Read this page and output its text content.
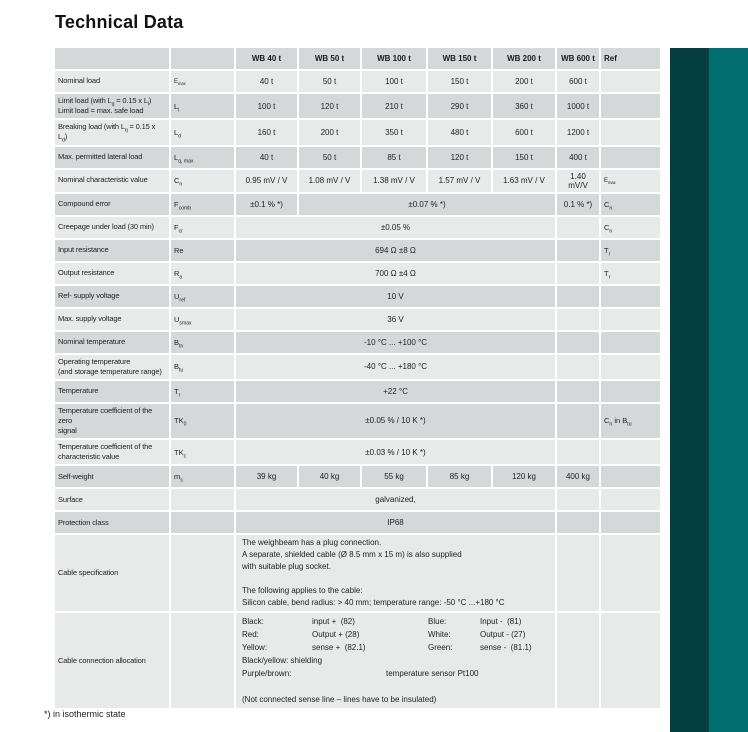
Technical Data
		WB 40 t	WB 50 t	WB 100 t	WB 150 t	WB 200 t	WB 600 t	Ref
Nominal load	$E_{max}$	40 t	50 t	100 t	150 t	200 t	600 t	
Limit load (with $L_q = 0.15$ x $L_l$)
Limit load = max. safe load	$L_l$	100 t	120 t	210 t	290 t	360 t	1000 t	
Breaking load (with $L_q = 0.15$ x $L_d$)	$L_d$	160 t	200 t	350 t	480 t	600 t	1200 t	
Max. permitted lateral load	$L_{q, max}$	40 t	50 t	85 t	120 t	150 t	400 t	
Nominal characteristic value	$C_n$	0.95 mV / V	1.08 mV / V	1.38 mV / V	1.57 mV / V	1.63 mV / V	1.40 mV/V	$E_{max}$
Compound error	$F_{comb}$	±0.1 % *)	±0.07 % *)				0.1 % *)	$C_n$
Creepage under load (30 min)	$F_{cr}$	±0.05 %						$C_n$
Input resistance	Re	694 Ω ±8 Ω						$T_r$
Output resistance	$R_a$	700 Ω ±4 Ω						$T_r$
Ref- supply voltage	$U_{ref}$	10 V						
Max. supply voltage	$U_{smax}$	36 V						
Nominal temperature	$B_{tn}$	-10 °C ... +100 °C						
Operating temperature
(and storage temperature range)	$B_{tu}$	-40 °C ... +180 °C						
Temperature	$T_r$	+22 °C						
Temperature coefficient of the zero
signal	$TK_0$	±0.05 % / 10 K *)						$C_n$ in $B_{tu}$
Temperature coefficient of the
characteristic value	$TK_c$	±0.03 % / 10 K *)						
Self-weight	$m_s$	39 kg	40 kg	55 kg	85 kg	120 kg	400 kg	
Surface		galvanized,						
Protection class		IP68						
Cable specification		The weighbeam has a plug connection.
A separate, shielded cable (Ø 8.5 mm x 15 m) is also supplied
with suitable plug socket.
The following applies to the cable:
Silicon cable, bend radius: > 40 mm; temperature range: -50 °C ...+180 °C						

Cable connection allocation		
Black:	input +  (82)	Blue:	Input -  (81)
Red:	Output + (28)	White:	Output - (27)
Yellow:	sense +  (82.1)	Green:	sense -  (81.1)
Black/yellow: shielding
Purple/brown:	temperature sensor Pt100
(Not connected sense line – lines have to be insulated)

*) in isothermic state
